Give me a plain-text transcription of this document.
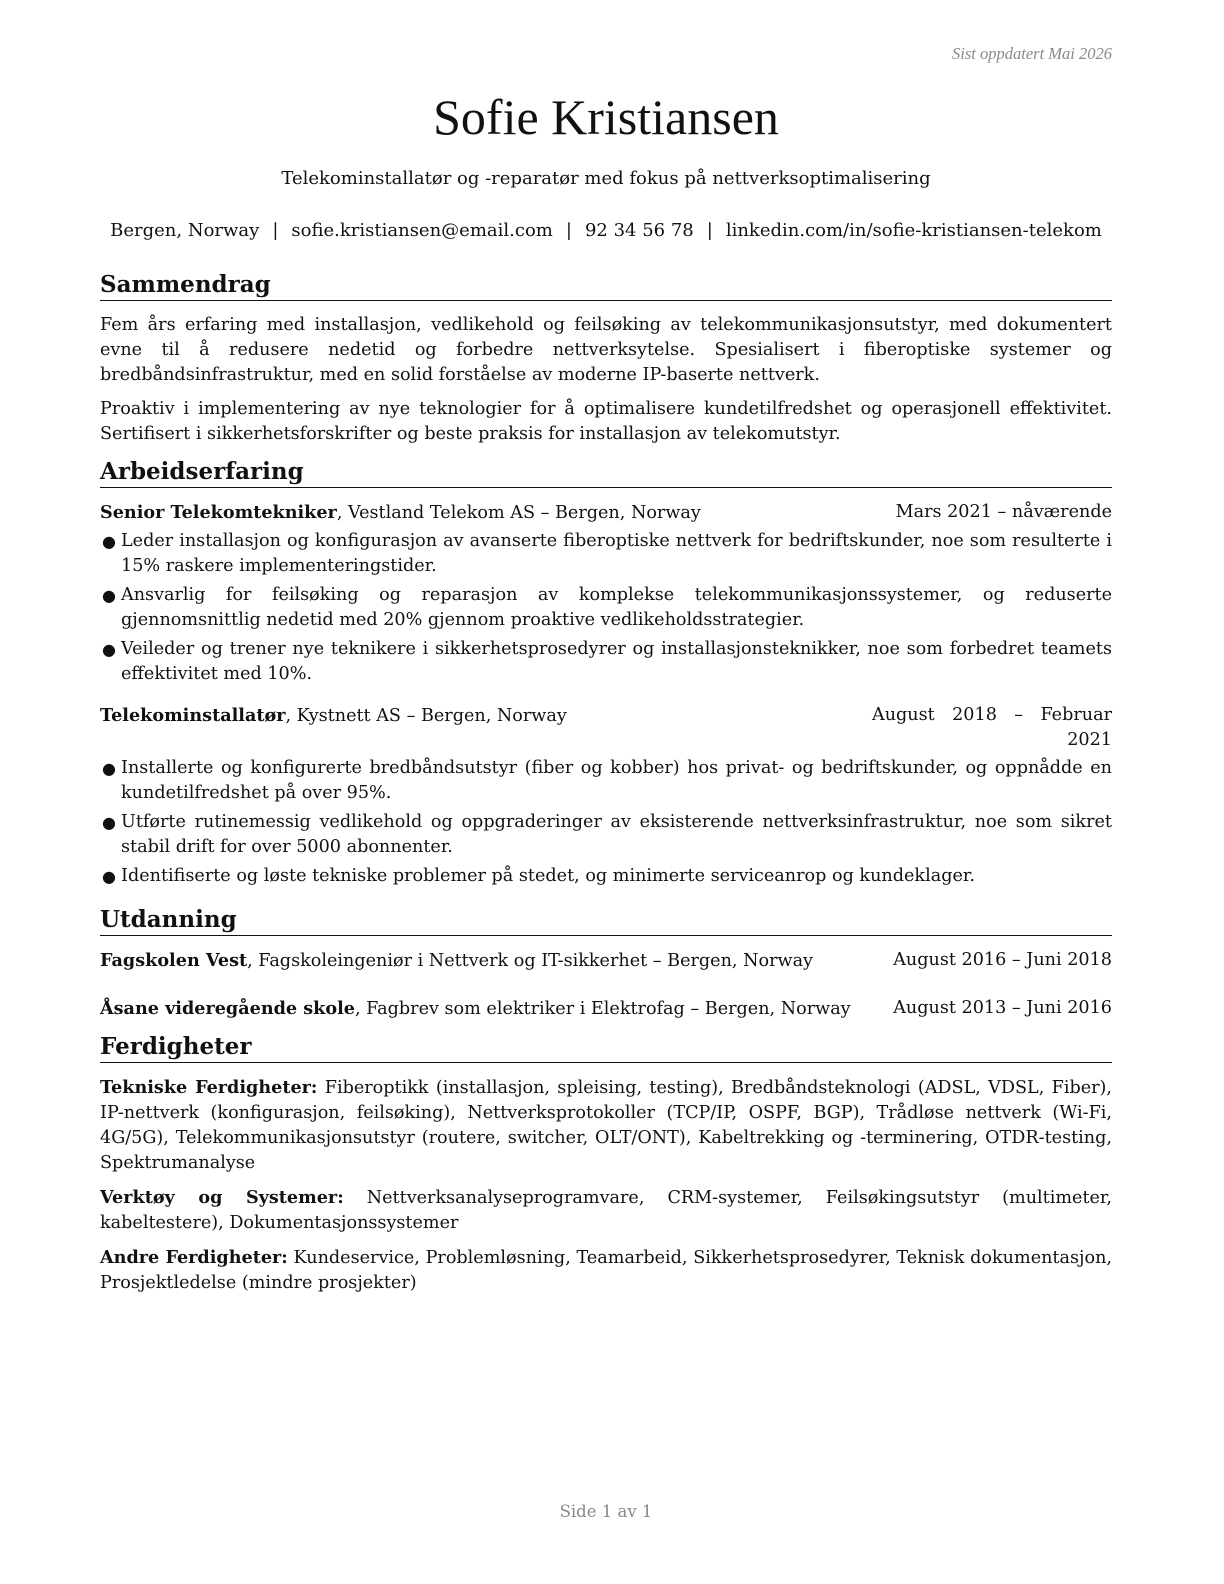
Sist oppdatert Mai 2026
Sofie Kristiansen
Telekominstallatør og -reparatør med fokus på nettverksoptimalisering
Bergen, Norway | sofie.kristiansen@email.com | 92 34 56 78 | linkedin.com/in/sofie-kristiansen-telekom
Sammendrag

Fem års erfaring med installasjon, vedlikehold og feilsøking av telekommunikasjonsutstyr, med dokumentert evne til å redusere nedetid og forbedre nettverksytelse. Spesialisert i fiberoptiske systemer og bredbåndsinfrastruktur, med en solid forståelse av moderne IP-baserte nettverk.

Proaktiv i implementering av nye teknologier for å optimalisere kundetilfredshet og operasjonell effektivitet. Sertifisert i sikkerhetsforskrifter og beste praksis for installasjon av telekomutstyr.

Arbeidserfaring
Senior Telekomtekniker, Vestland Telekom AS – Bergen, Norway	Mars 2021 – nåværende
● Leder installasjon og konfigurasjon av avanserte fiberoptiske nettverk for bedriftskunder, noe som resulterte i 15% raskere implementeringstider.
● Ansvarlig for feilsøking og reparasjon av komplekse telekommunikasjonssystemer, og reduserte gjennomsnittlig nedetid med 20% gjennom proaktive vedlikeholdsstrategier.
● Veileder og trener nye teknikere i sikkerhetsprosedyrer og installasjonsteknikker, noe som forbedret teamets effektivitet med 10%.
Telekominstallatør, Kystnett AS – Bergen, Norway	August 2018 – Februar 2021
● Installerte og konfigurerte bredbåndsutstyr (fiber og kobber) hos privat- og bedriftskunder, og oppnådde en kundetilfredshet på over 95%.
● Utførte rutinemessig vedlikehold og oppgraderinger av eksisterende nettverksinfrastruktur, noe som sikret stabil drift for over 5000 abonnenter.
● Identifiserte og løste tekniske problemer på stedet, og minimerte serviceanrop og kundeklager.
Utdanning
Fagskolen Vest, Fagskoleingeniør i Nettverk og IT-sikkerhet – Bergen, Norway	August 2016 – Juni 2018
Åsane videregående skole, Fagbrev som elektriker i Elektrofag – Bergen, Norway	August 2013 – Juni 2016
Ferdigheter

Tekniske Ferdigheter: Fiberoptikk (installasjon, spleising, testing), Bredbåndsteknologi (ADSL, VDSL, Fiber), IP-nettverk (konfigurasjon, feilsøking), Nettverksprotokoller (TCP/IP, OSPF, BGP), Trådløse nettverk (Wi-Fi, 4G/5G), Telekommunikasjonsutstyr (routere, switcher, OLT/ONT), Kabeltrekking og -terminering, OTDR-testing, Spektrumanalyse

Verktøy og Systemer: Nettverksanalyseprogramvare, CRM-systemer, Feilsøkingsutstyr (multimeter, kabeltestere), Dokumentasjonssystemer

Andre Ferdigheter: Kundeservice, Problemløsning, Teamarbeid, Sikkerhetsprosedyrer, Teknisk dokumentasjon, Prosjektledelse (mindre prosjekter)

Side 1 av 1
